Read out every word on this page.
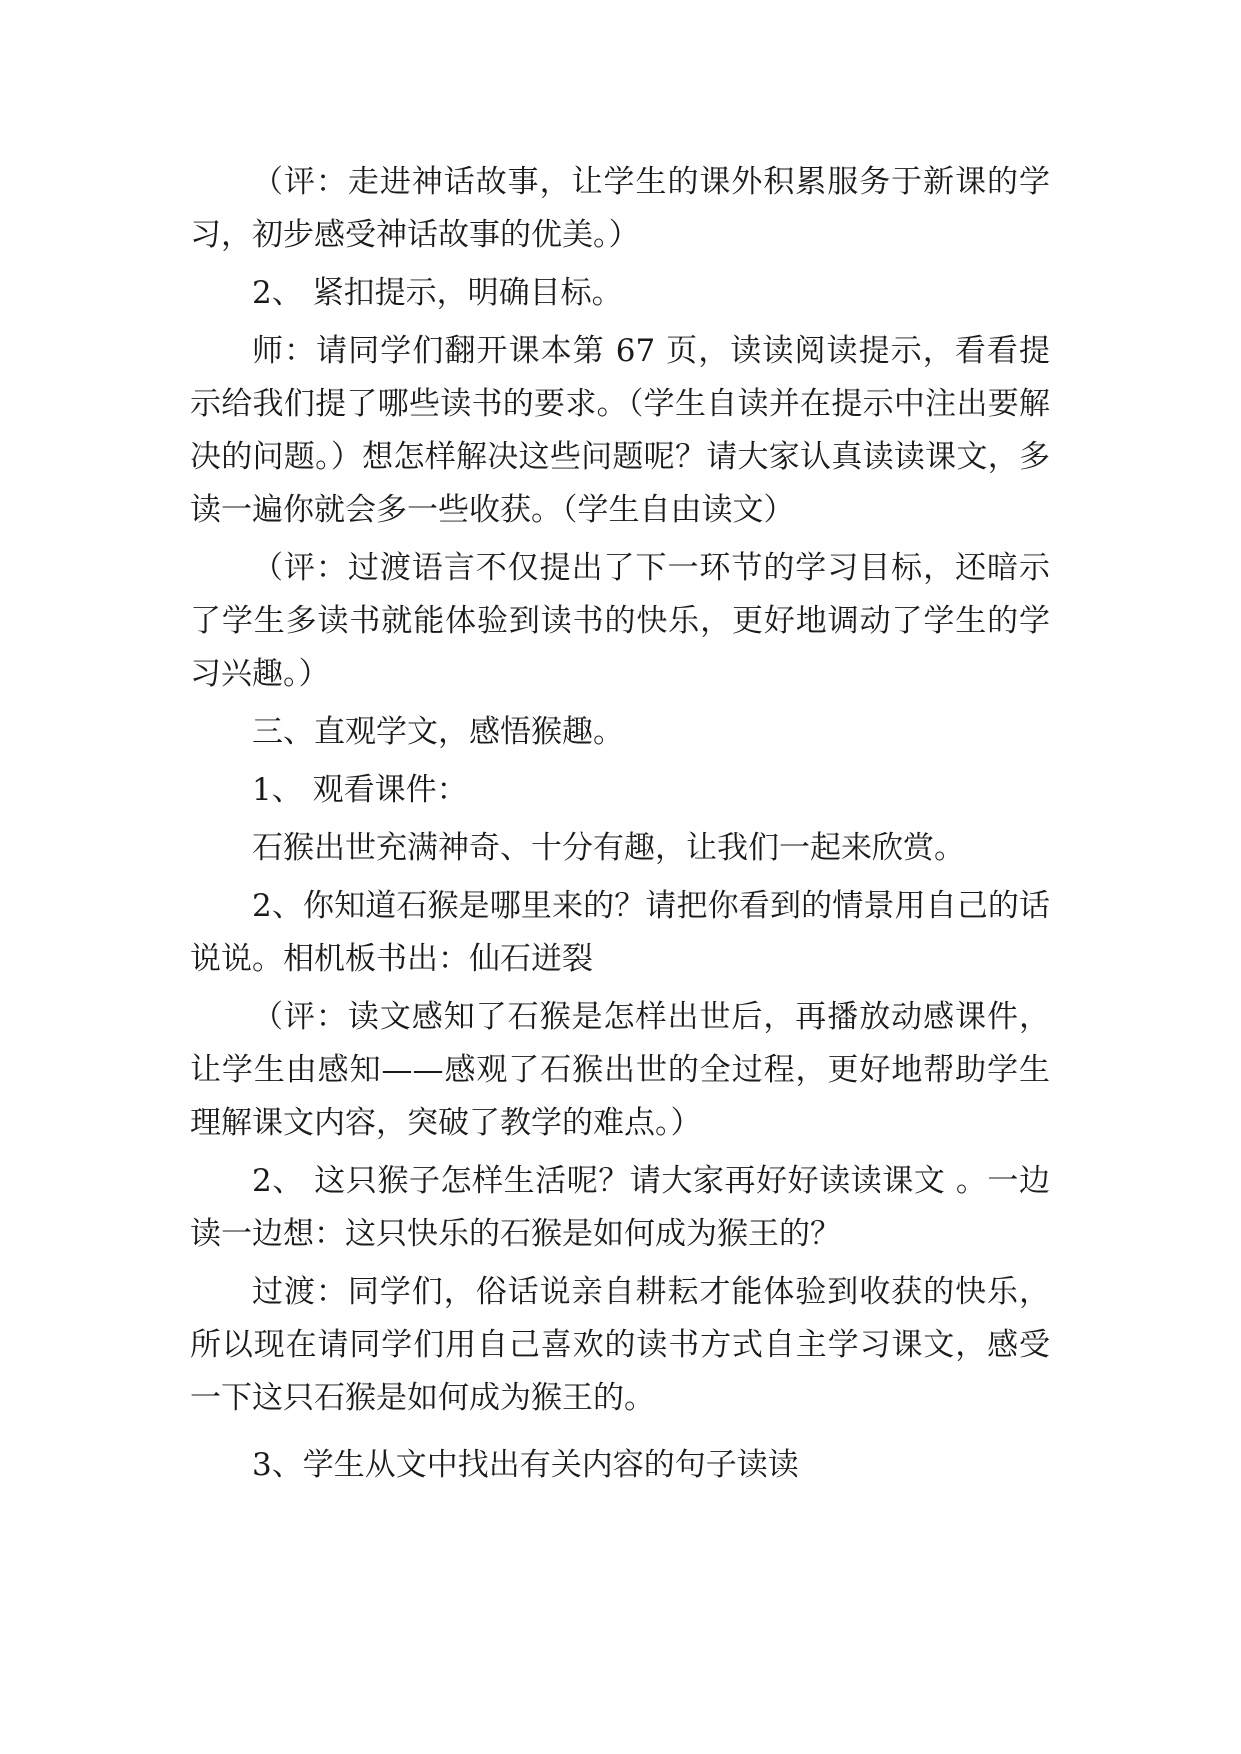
（评：走进神话故事，让学生的课外积累服务于新课的学习，初步感受神话故事的优美。）

2、 紧扣提示，明确目标。

师：请同学们翻开课本第 67 页，读读阅读提示，看看提示给我们提了哪些读书的要求。（学生自读并在提示中注出要解决的问题。）想怎样解决这些问题呢？请大家认真读读课文，多读一遍你就会多一些收获。（学生自由读文）

（评：过渡语言不仅提出了下一环节的学习目标，还暗示了学生多读书就能体验到读书的快乐，更好地调动了学生的学习兴趣。）

三、直观学文，感悟猴趣。

1、 观看课件：

石猴出世充满神奇、十分有趣，让我们一起来欣赏。

2、你知道石猴是哪里来的？请把你看到的情景用自己的话说说。相机板书出：仙石迸裂

（评：读文感知了石猴是怎样出世后，再播放动感课件，让学生由感知——感观了石猴出世的全过程，更好地帮助学生理解课文内容，突破了教学的难点。）

2、 这只猴子怎样生活呢？请大家再好好读读课文 。一边读一边想：这只快乐的石猴是如何成为猴王的？

过渡：同学们，俗话说亲自耕耘才能体验到收获的快乐，所以现在请同学们用自己喜欢的读书方式自主学习课文，感受一下这只石猴是如何成为猴王的。

3、学生从文中找出有关内容的句子读读
